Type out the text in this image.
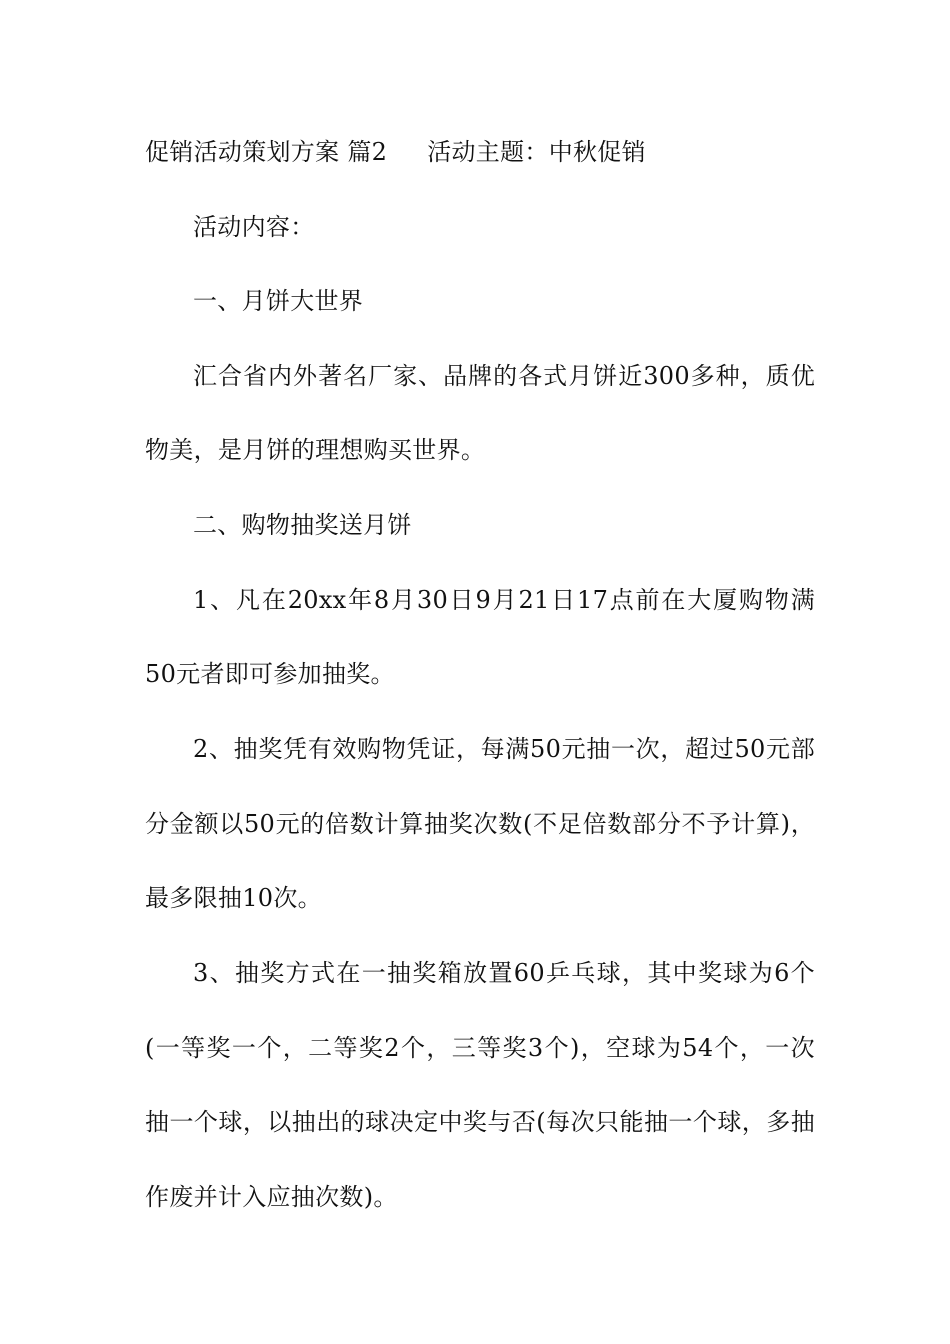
促销活动策划方案 篇2 活动主题：中秋促销
活动内容：
一、月饼大世界
汇合省内外著名厂家、品牌的各式月饼近300多种，质优
物美，是月饼的理想购买世界。
二、购物抽奖送月饼
1、凡在20xx年8月30日9月21日17点前在大厦购物满
50元者即可参加抽奖。
2、抽奖凭有效购物凭证，每满50元抽一次，超过50元部
分金额以50元的倍数计算抽奖次数(不足倍数部分不予计算)，
最多限抽10次。
3、抽奖方式在一抽奖箱放置60乒乓球，其中奖球为6个
(一等奖一个，二等奖2个，三等奖3个)，空球为54个，一次
抽一个球，以抽出的球决定中奖与否(每次只能抽一个球，多抽
作废并计入应抽次数)。
